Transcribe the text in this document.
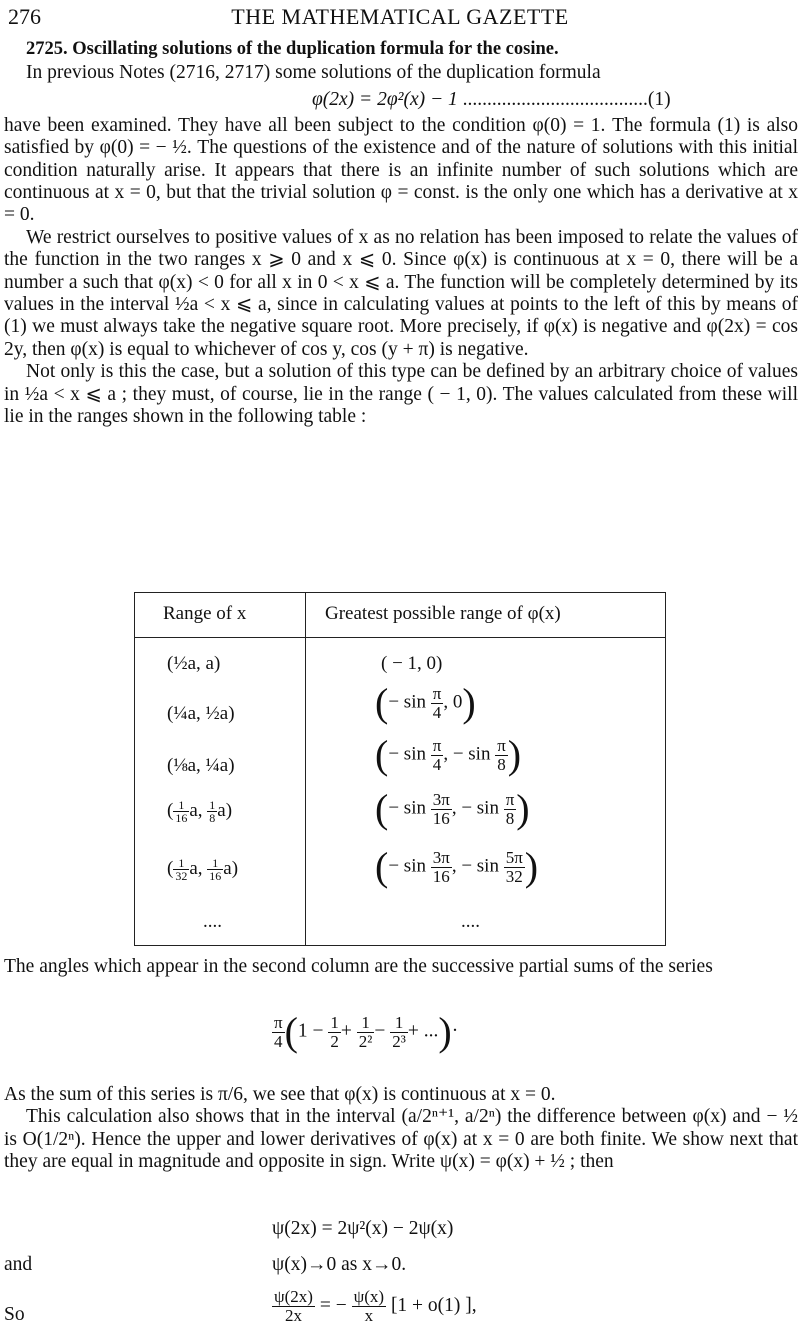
276	THE MATHEMATICAL GAZETTE
2725. Oscillating solutions of the duplication formula for the cosine.

In previous Notes (2716, 2717) some solutions of the duplication formula

φ(2x) = 2φ²(x) − 1 ......................................(1)

have been examined. They have all been subject to the condition φ(0) = 1. The formula (1) is also satisfied by φ(0) = − ½. The questions of the existence and of the nature of solutions with this initial condition naturally arise. It appears that there is an infinite number of such solutions which are continuous at x = 0, but that the trivial solution φ = const. is the only one which has a derivative at x = 0.

We restrict ourselves to positive values of x as no relation has been imposed to relate the values of the function in the two ranges x ⩾ 0 and x ⩽ 0. Since φ(x) is continuous at x = 0, there will be a number a such that φ(x) < 0 for all x in 0 < x ⩽ a. The function will be completely determined by its values in the interval ½a < x ⩽ a, since in calculating values at points to the left of this by means of (1) we must always take the negative square root. More precisely, if φ(x) is negative and φ(2x) = cos 2y, then φ(x) is equal to whichever of cos y, cos (y + π) is negative.

Not only is this the case, but a solution of this type can be defined by an arbitrary choice of values in ½a < x ⩽ a ; they must, of course, lie in the range ( − 1, 0). The values calculated from these will lie in the ranges shown in the following table :

Range of x	Greatest possible range of φ(x)
(½a, a)	( − 1, 0)
(¼a, ½a)	(− $\sin \frac{\pi}{4}$ , 0)
(⅛a, ¼a)	(− $\sin \frac{\pi}{4}$ , − $\sin \frac{\pi}{8}$ )
( $\frac{1}{16} a$, $\frac{1}{8} a$)	(− $\sin \frac{3\pi}{16}$ , − $\sin \frac{\pi}{8}$ )
( $\frac{1}{32} a$, $\frac{1}{16} a$)	(− $\sin \frac{3\pi}{16}$ , − $\sin \frac{5\pi}{32}$ )
....	....

The angles which appear in the second column are the successive partial sums of the series

$\frac{\pi}{4} (1 - \frac{1}{2} + \frac{1}{\text{2²}} - \frac{1}{\text{2³}}$ + ...)·

As the sum of this series is π/6, we see that φ(x) is continuous at x = 0.

This calculation also shows that in the interval (a/2ⁿ⁺¹, a/2ⁿ) the difference between φ(x) and − ½ is O(1/2ⁿ). Hence the upper and lower derivatives of φ(x) at x = 0 are both finite. We show next that they are equal in magnitude and opposite in sign. Write ψ(x) = φ(x) + ½ ; then

ψ(2x) = 2ψ²(x) − 2ψ(x)
and	ψ(x)→0 as x→0.
So	$\frac{\psi(2x)}{2x}$ = − $\frac{\psi(x)}{x} [1 + o(1)$ ],
